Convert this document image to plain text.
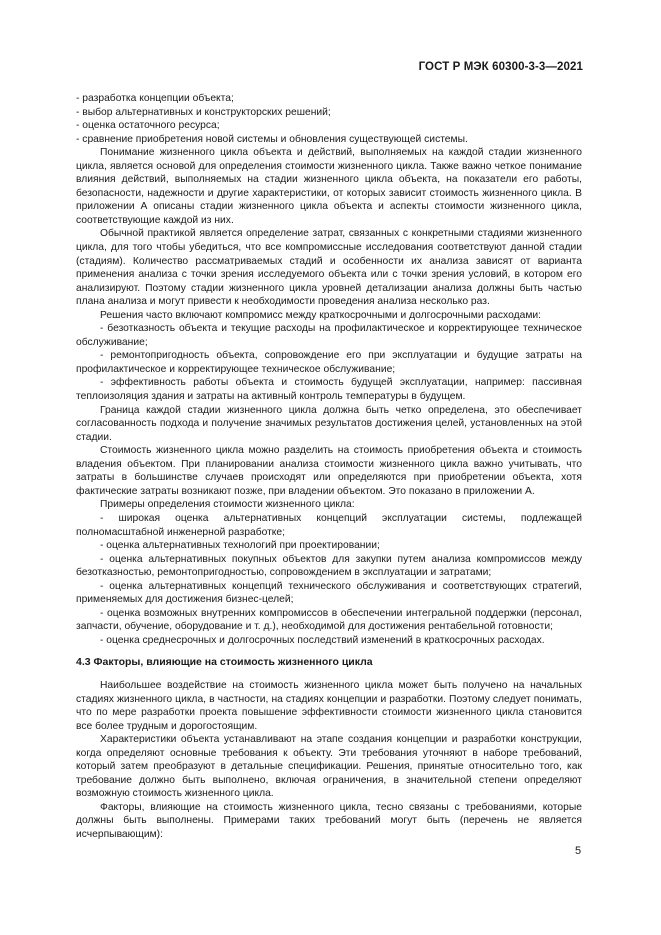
ГОСТ Р МЭК 60300-3-3—2021

- разработка концепции объекта;

- выбор альтернативных и конструкторских решений;

- оценка остаточного ресурса;

- сравнение приобретения новой системы и обновления существующей системы.

Понимание жизненного цикла объекта и действий, выполняемых на каждой стадии жизненного цикла, является основой для определения стоимости жизненного цикла. Также важно четкое понимание влияния действий, выполняемых на стадии жизненного цикла объекта, на показатели его работы, безопасности, надежности и другие характеристики, от которых зависит стоимость жизненного цикла. В приложении А описаны стадии жизненного цикла объекта и аспекты стоимости жизненного цикла, соответствующие каждой из них.

Обычной практикой является определение затрат, связанных с конкретными стадиями жизненного цикла, для того чтобы убедиться, что все компромиссные исследования соответствуют данной стадии (стадиям). Количество рассматриваемых стадий и особенности их анализа зависят от варианта применения анализа с точки зрения исследуемого объекта или с точки зрения условий, в котором его анализируют. Поэтому стадии жизненного цикла уровней детализации анализа должны быть частью плана анализа и могут привести к необходимости проведения анализа несколько раз.

Решения часто включают компромисс между краткосрочными и долгосрочными расходами:

- безотказность объекта и текущие расходы на профилактическое и корректирующее техническое обслуживание;

- ремонтопригодность объекта, сопровождение его при эксплуатации и будущие затраты на профилактическое и корректирующее техническое обслуживание;

- эффективность работы объекта и стоимость будущей эксплуатации, например: пассивная теплоизоляция здания и затраты на активный контроль температуры в будущем.

Граница каждой стадии жизненного цикла должна быть четко определена, это обеспечивает согласованность подхода и получение значимых результатов достижения целей, установленных на этой стадии.

Стоимость жизненного цикла можно разделить на стоимость приобретения объекта и стоимость владения объектом. При планировании анализа стоимости жизненного цикла важно учитывать, что затраты в большинстве случаев происходят или определяются при приобретении объекта, хотя фактические затраты возникают позже, при владении объектом. Это показано в приложении А.

Примеры определения стоимости жизненного цикла:

- широкая оценка альтернативных концепций эксплуатации системы, подлежащей полномасштабной инженерной разработке;

- оценка альтернативных технологий при проектировании;

- оценка альтернативных покупных объектов для закупки путем анализа компромиссов между безотказностью, ремонтопригодностью, сопровождением в эксплуатации и затратами;

- оценка альтернативных концепций технического обслуживания и соответствующих стратегий, применяемых для достижения бизнес-целей;

- оценка возможных внутренних компромиссов в обеспечении интегральной поддержки (персонал, запчасти, обучение, оборудование и т. д.), необходимой для достижения рентабельной готовности;

- оценка среднесрочных и долгосрочных последствий изменений в краткосрочных расходах.

4.3 Факторы, влияющие на стоимость жизненного цикла

Наибольшее воздействие на стоимость жизненного цикла может быть получено на начальных стадиях жизненного цикла, в частности, на стадиях концепции и разработки. Поэтому следует понимать, что по мере разработки проекта повышение эффективности стоимости жизненного цикла становится все более трудным и дорогостоящим.

Характеристики объекта устанавливают на этапе создания концепции и разработки конструкции, когда определяют основные требования к объекту. Эти требования уточняют в наборе требований, который затем преобразуют в детальные спецификации. Решения, принятые относительно того, как требование должно быть выполнено, включая ограничения, в значительной степени определяют возможную стоимость жизненного цикла.

Факторы, влияющие на стоимость жизненного цикла, тесно связаны с требованиями, которые должны быть выполнены. Примерами таких требований могут быть (перечень не является исчерпывающим):

5
